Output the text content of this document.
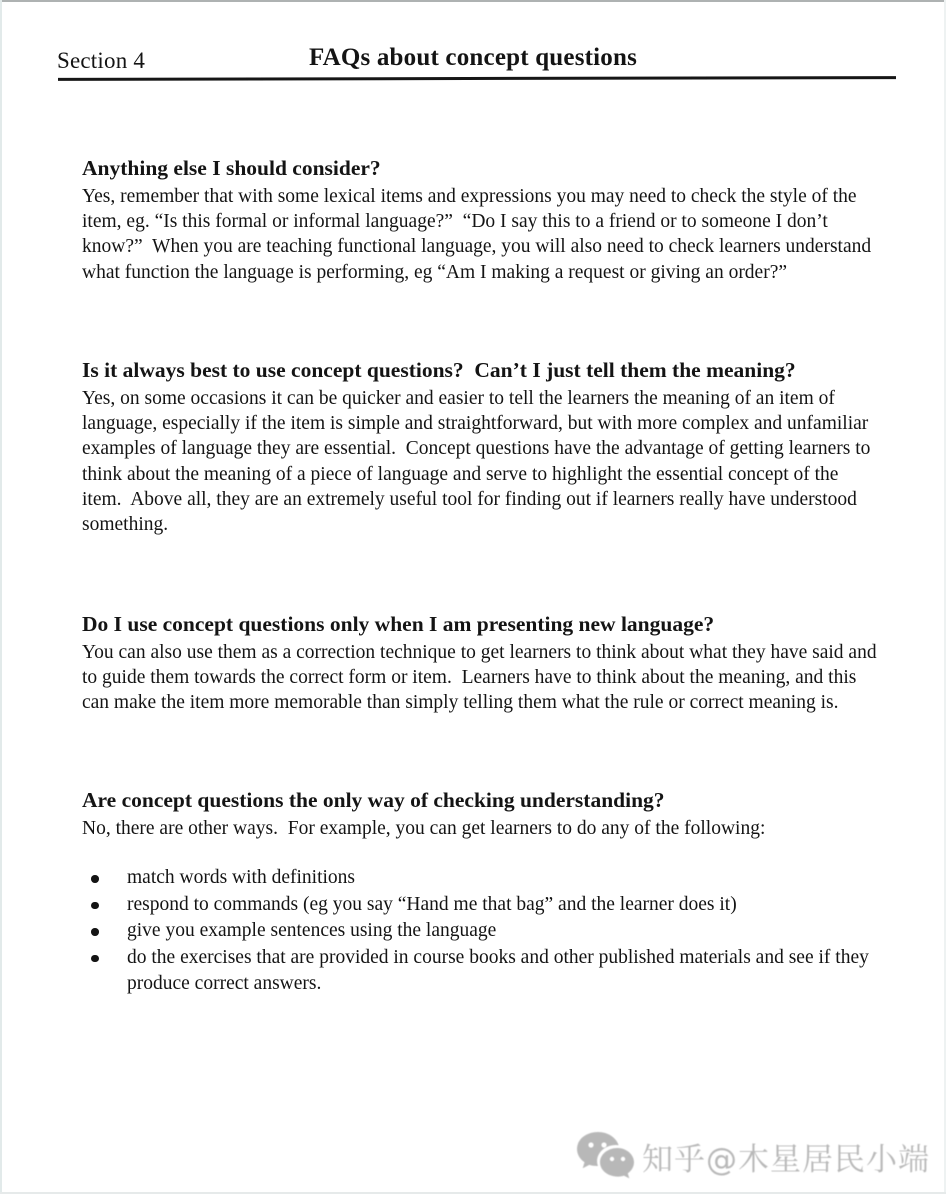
Section 4	FAQs about concept questions
Anything else I should consider?

Yes, remember that with some lexical items and expressions you may need to check the style of the item, eg. “Is this formal or informal language?”  “Do I say this to a friend or to someone I don’t know?”  When you are teaching functional language, you will also need to check learners understand what function the language is performing, eg “Am I making a request or giving an order?”

Is it always best to use concept questions?  Can’t I just tell them the meaning?

Yes, on some occasions it can be quicker and easier to tell the learners the meaning of an item of language, especially if the item is simple and straightforward, but with more complex and unfamiliar examples of language they are essential.  Concept questions have the advantage of getting learners to think about the meaning of a piece of language and serve to highlight the essential concept of the item.  Above all, they are an extremely useful tool for finding out if learners really have understood something.

Do I use concept questions only when I am presenting new language?

You can also use them as a correction technique to get learners to think about what they have said and to guide them towards the correct form or item.  Learners have to think about the meaning, and this can make the item more memorable than simply telling them what the rule or correct meaning is.

Are concept questions the only way of checking understanding?

No, there are other ways.  For example, you can get learners to do any of the following:

match words with definitions
respond to commands (eg you say “Hand me that bag” and the learner does it)
give you example sentences using the language
do the exercises that are provided in course books and other published materials and see if they produce correct answers.
知乎@木星居民小端
